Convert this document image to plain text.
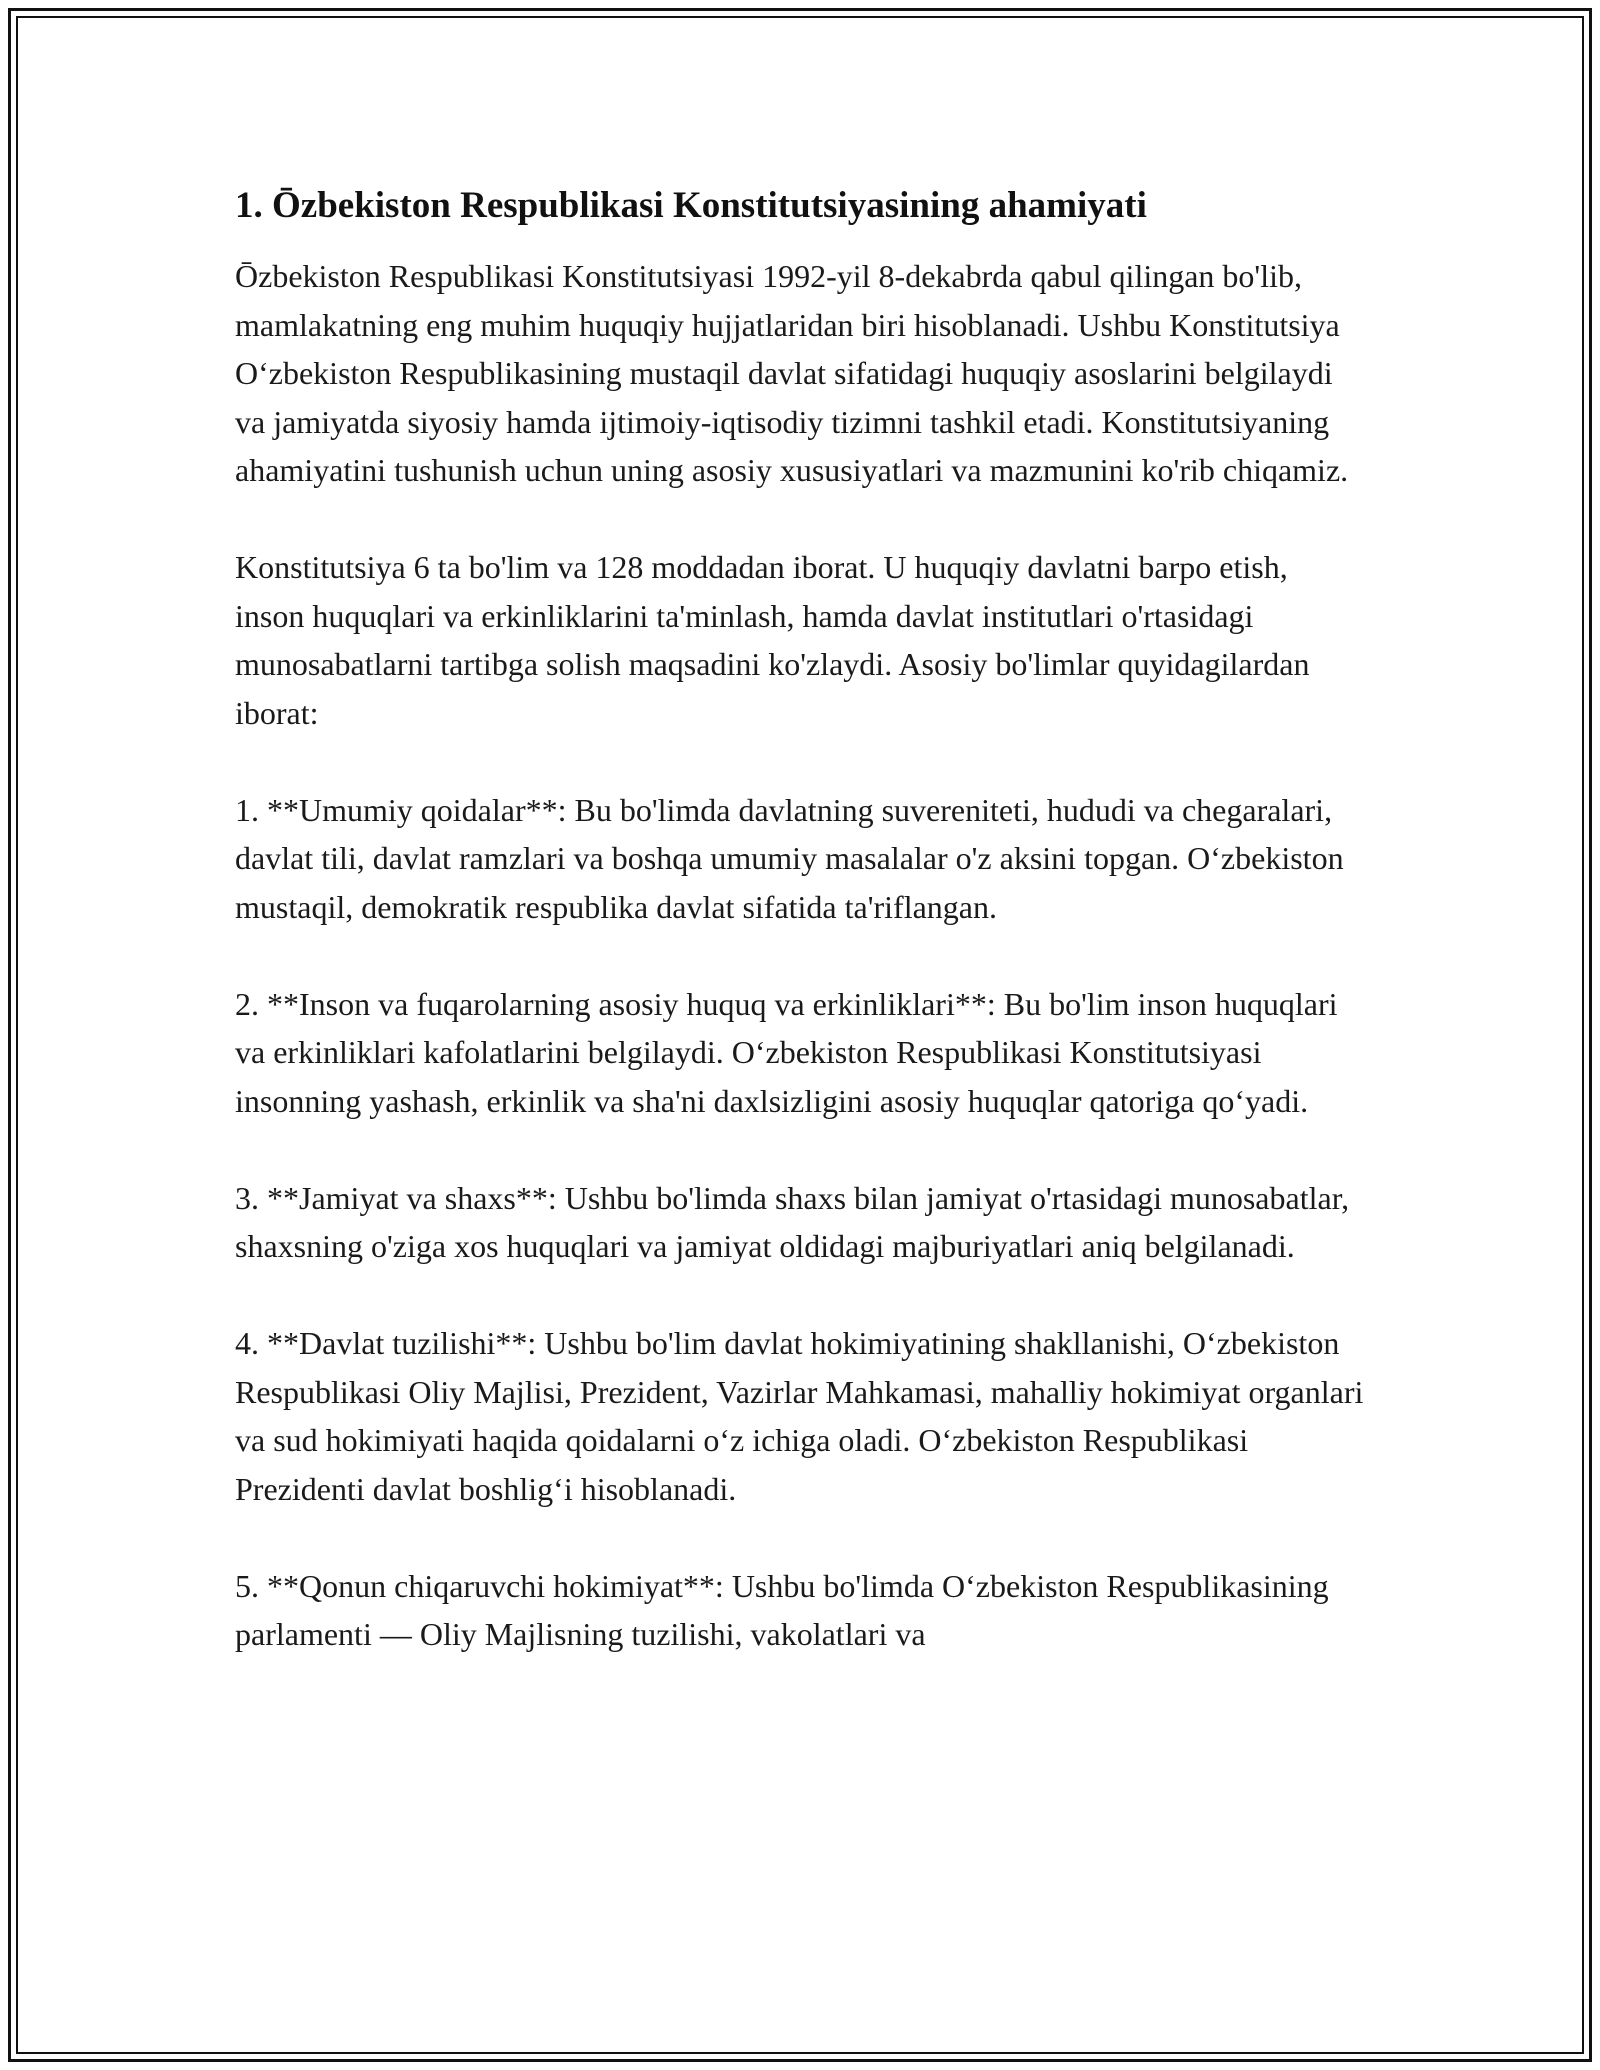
1. Ōzbekiston Respublikasi Konstitutsiyasining ahamiyati

Ōzbekiston Respublikasi Konstitutsiyasi 1992-yil 8-dekabrda qabul qilingan bo'lib, mamlakatning eng muhim huquqiy hujjatlaridan biri hisoblanadi. Ushbu Konstitutsiya Oʻzbekiston Respublikasining mustaqil davlat sifatidagi huquqiy asoslarini belgilaydi va jamiyatda siyosiy hamda ijtimoiy-iqtisodiy tizimni tashkil etadi. Konstitutsiyaning ahamiyatini tushunish uchun uning asosiy xususiyatlari va mazmunini ko'rib chiqamiz.

Konstitutsiya 6 ta bo'lim va 128 moddadan iborat. U huquqiy davlatni barpo etish, inson huquqlari va erkinliklarini ta'minlash, hamda davlat institutlari o'rtasidagi munosabatlarni tartibga solish maqsadini ko'zlaydi. Asosiy bo'limlar quyidagilardan iborat:

1. **Umumiy qoidalar**: Bu bo'limda davlatning suvereniteti, hududi va chegaralari, davlat tili, davlat ramzlari va boshqa umumiy masalalar o'z aksini topgan. Oʻzbekiston mustaqil, demokratik respublika davlat sifatida ta'riflangan.

2. **Inson va fuqarolarning asosiy huquq va erkinliklari**: Bu bo'lim inson huquqlari va erkinliklari kafolatlarini belgilaydi. Oʻzbekiston Respublikasi Konstitutsiyasi insonning yashash, erkinlik va sha'ni daxlsizligini asosiy huquqlar qatoriga qoʻyadi.

3. **Jamiyat va shaxs**: Ushbu bo'limda shaxs bilan jamiyat o'rtasidagi munosabatlar, shaxsning o'ziga xos huquqlari va jamiyat oldidagi majburiyatlari aniq belgilanadi.

4. **Davlat tuzilishi**: Ushbu bo'lim davlat hokimiyatining shakllanishi, Oʻzbekiston Respublikasi Oliy Majlisi, Prezident, Vazirlar Mahkamasi, mahalliy hokimiyat organlari va sud hokimiyati haqida qoidalarni oʻz ichiga oladi. Oʻzbekiston Respublikasi Prezidenti davlat boshligʻi hisoblanadi.

5. **Qonun chiqaruvchi hokimiyat**: Ushbu bo'limda Oʻzbekiston Respublikasining parlamenti — Oliy Majlisning tuzilishi, vakolatlari va
